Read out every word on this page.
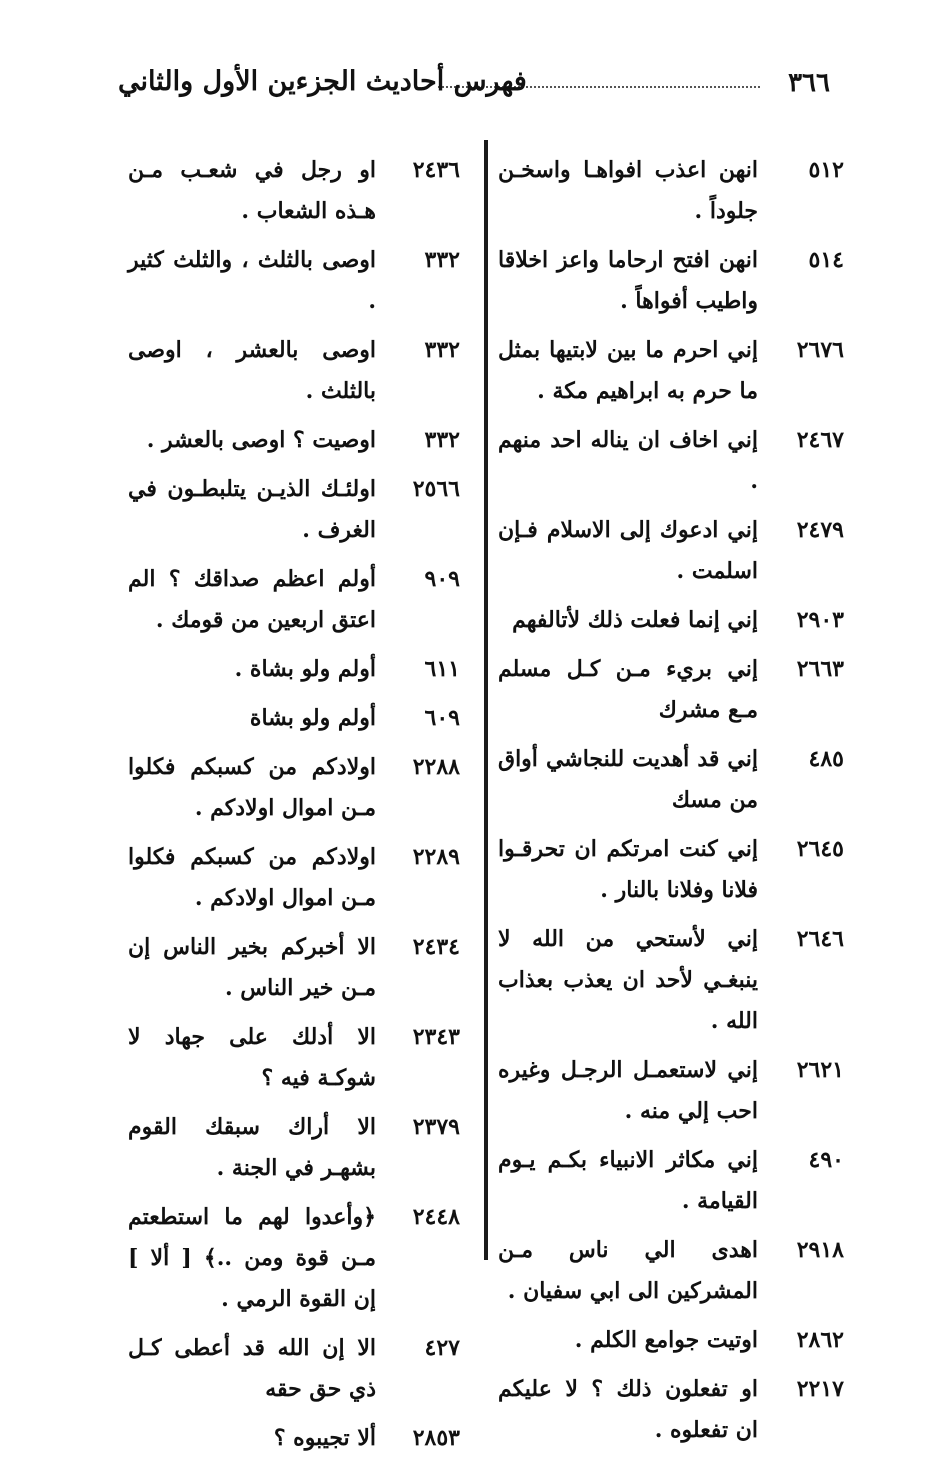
٣٦٦
فهرس أحاديث الجزءين الأول والثاني
٥١٢
انهن اعذب افواهـا واسخـن جلوداً .
٥١٤
انهن افتح ارحاما واعز اخلاقا واطيب أفواهاً .
٢٦٧٦
إني احرم ما بين لابتيها بمثل ما حرم به ابراهيم مكة .
٢٤٦٧
إني اخاف ان يناله احد منهم .
٢٤٧٩
إني ادعوك إلى الاسلام فـإن اسلمت .
٢٩٠٣
إني إنما فعلت ذلك لأتالفهم
٢٦٦٣
إني بريء مـن كـل مسلم مـع مشرك
٤٨٥
إني قد أهديت للنجاشي أواق من مسك
٢٦٤٥
إني كنت امرتكم ان تحرقـوا فلانا وفلانا بالنار .
٢٦٤٦
إني لأستحي من الله لا ينبغـي لأحد ان يعذب بعذاب الله .
٢٦٢١
إني لاستعمـل الرجـل وغيره احب إلي منه .
٤٩٠
إني مكاثر الانبياء بكـم يـوم القيامة .
٢٩١٨
اهدى الي ناس مـن المشركين الى ابي سفيان .
٢٨٦٢
اوتيت جوامع الكلم .
٢٢١٧
او تفعلون ذلك ؟ لا عليكم ان تفعلوه .
٢٤٣٦
او رجل في شعـب مـن هـذه الشعاب .
٣٣٢
اوصى بالثلث ، والثلث كثير .
٣٣٢
اوصى بالعشر ، اوصى بالثلث .
٣٣٢
اوصيت ؟ اوصى بالعشر .
٢٥٦٦
اولئـك الذيـن يتلبطـون في الغرف .
٩٠٩
أولم اعظم صداقك ؟ الم اعتق اربعين من قومك .
٦١١
أولم ولو بشاة .
٦٠٩
أولم ولو بشاة
٢٢٨٨
اولادكم من كسبكم فكلوا مـن اموال اولادكم .
٢٢٨٩
اولادكم من كسبكم فكلوا مـن اموال اولادكم .
٢٤٣٤
الا أخبركم بخير الناس إن مـن خير الناس .
٢٣٤٣
الا أدلك على جهاد لا شوكـة فيه ؟
٢٣٧٩
الا أراك سبقك القوم بشهـر في الجنة .
٢٤٤٨
﴿وأعدوا لهم ما استطعتم مـن قوة ومن ..﴾ [ ألا ] إن القوة الرمي .
٤٢٧
الا إن الله قد أعطى كـل ذي حق حقه
٢٨٥٣
ألا تجيبوه ؟
